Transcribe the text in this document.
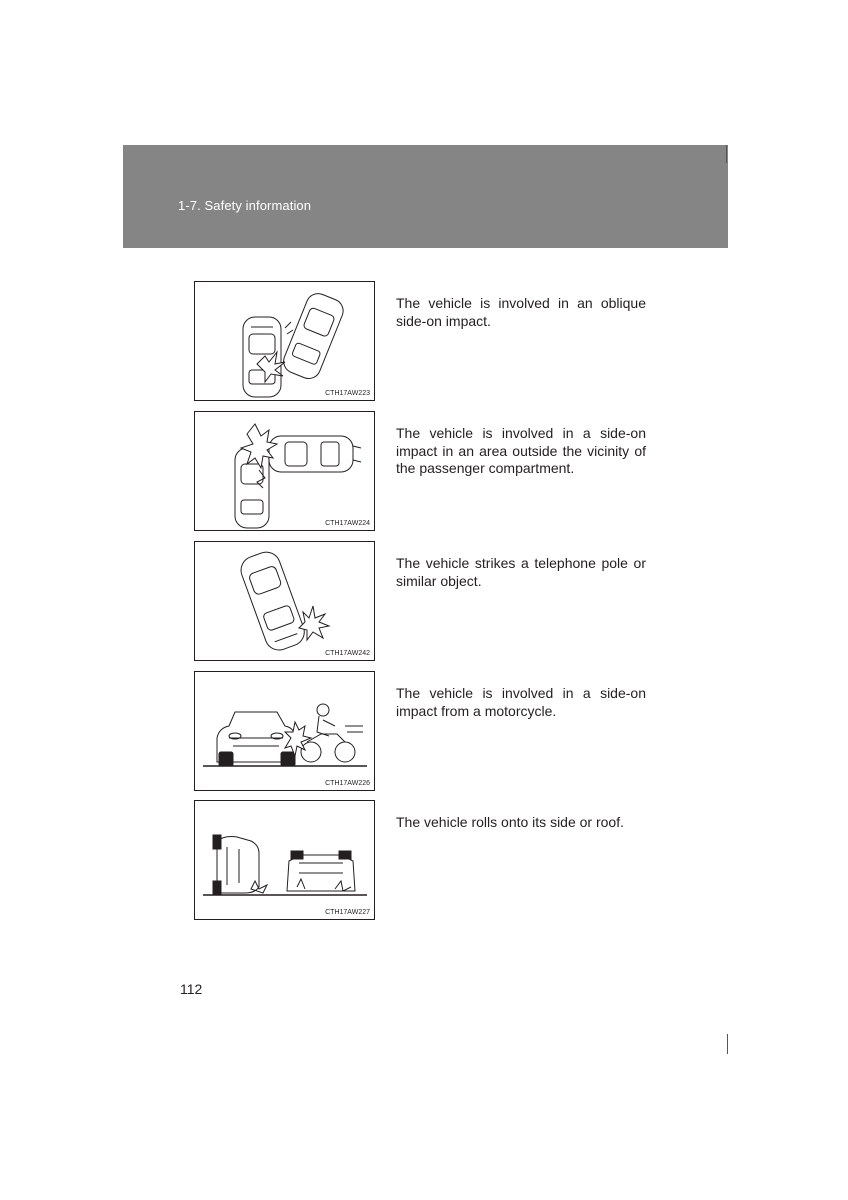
1-7. Safety information
CTH17AW223

The vehicle is involved in an oblique side-on impact.

CTH17AW224

The vehicle is involved in a side-on impact in an area outside the vicinity of the passenger compartment.

CTH17AW242

The vehicle strikes a telephone pole or similar object.

CTH17AW226

The vehicle is involved in a side-on impact from a motorcycle.

CTH17AW227

The vehicle rolls onto its side or roof.

112
